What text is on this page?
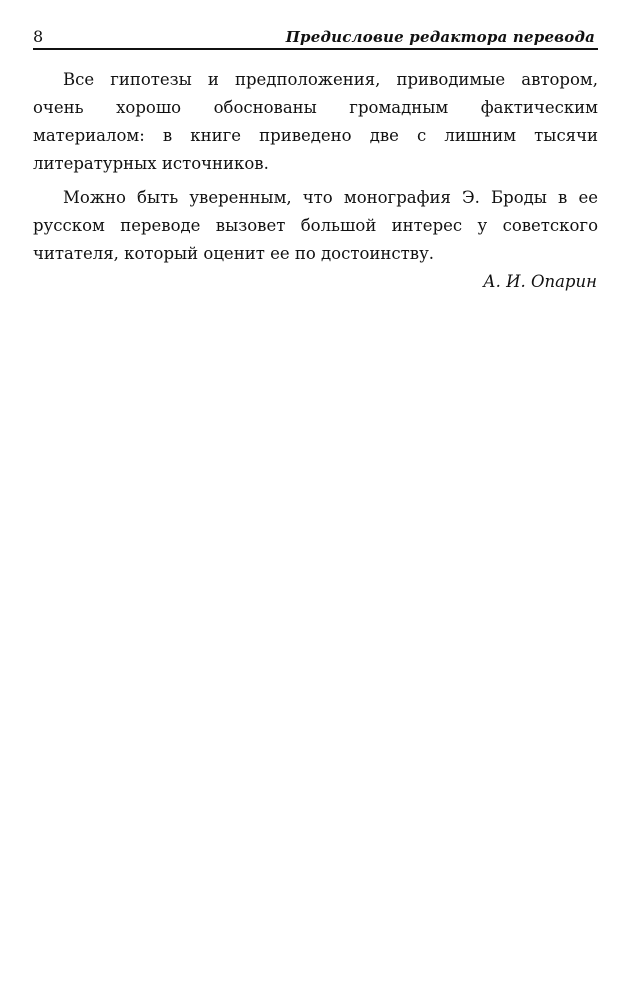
8	Предисловие редактора перевода

Все гипотезы и предположения, приводимые автором, очень хорошо обоснованы громадным фактическим материалом: в книге приведено две с лишним тысячи литературных источников.

Можно быть уверенным, что монография Э. Броды в ее русском переводе вызовет большой интерес у советского читателя, который оценит ее по достоинству.

А. И. Опарин
